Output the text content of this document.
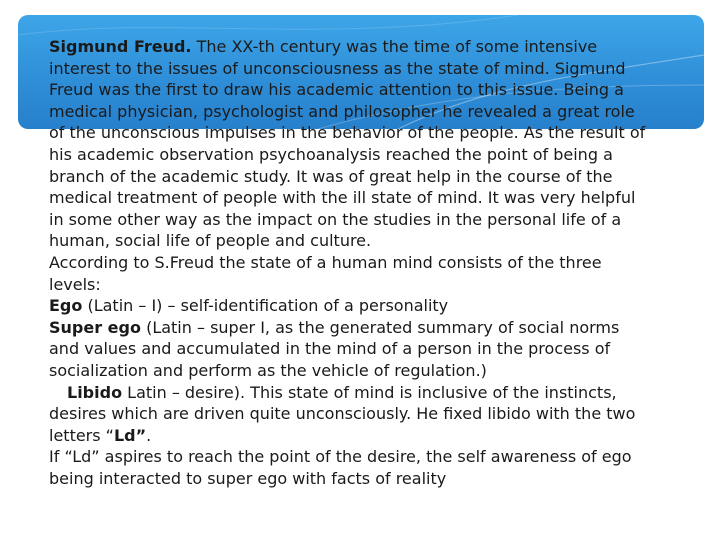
Sigmund Freud. The XX-th century was the time of some intensive interest to the issues of unconsciousness as the state of mind. Sigmund Freud was the first to draw his academic attention to this issue. Being a medical physician, psychologist and philosopher he revealed a great role of the unconscious impulses in the behavior of the people. As the result of his academic observation psychoanalysis reached the point of being a branch of the academic study. It was of great help in the course of the medical treatment of people with the ill state of mind. It was very helpful in some other way as the impact on the studies in the personal life of a human, social life of people and culture.

According to S.Freud the state of a human mind consists of the three levels:

Ego (Latin – I) – self-identification of a personality

Super ego (Latin – super I, as the generated summary of social norms and values and accumulated in the mind of a person in the process of socialization and perform as the vehicle of regulation.)

Libido Latin – desire). This state of mind is inclusive of the instincts, desires which are driven quite unconsciously. He fixed libido with the two letters “Ld”.

If “Ld” aspires to reach the point of the desire, the self awareness of ego being interacted to super ego with facts of reality
